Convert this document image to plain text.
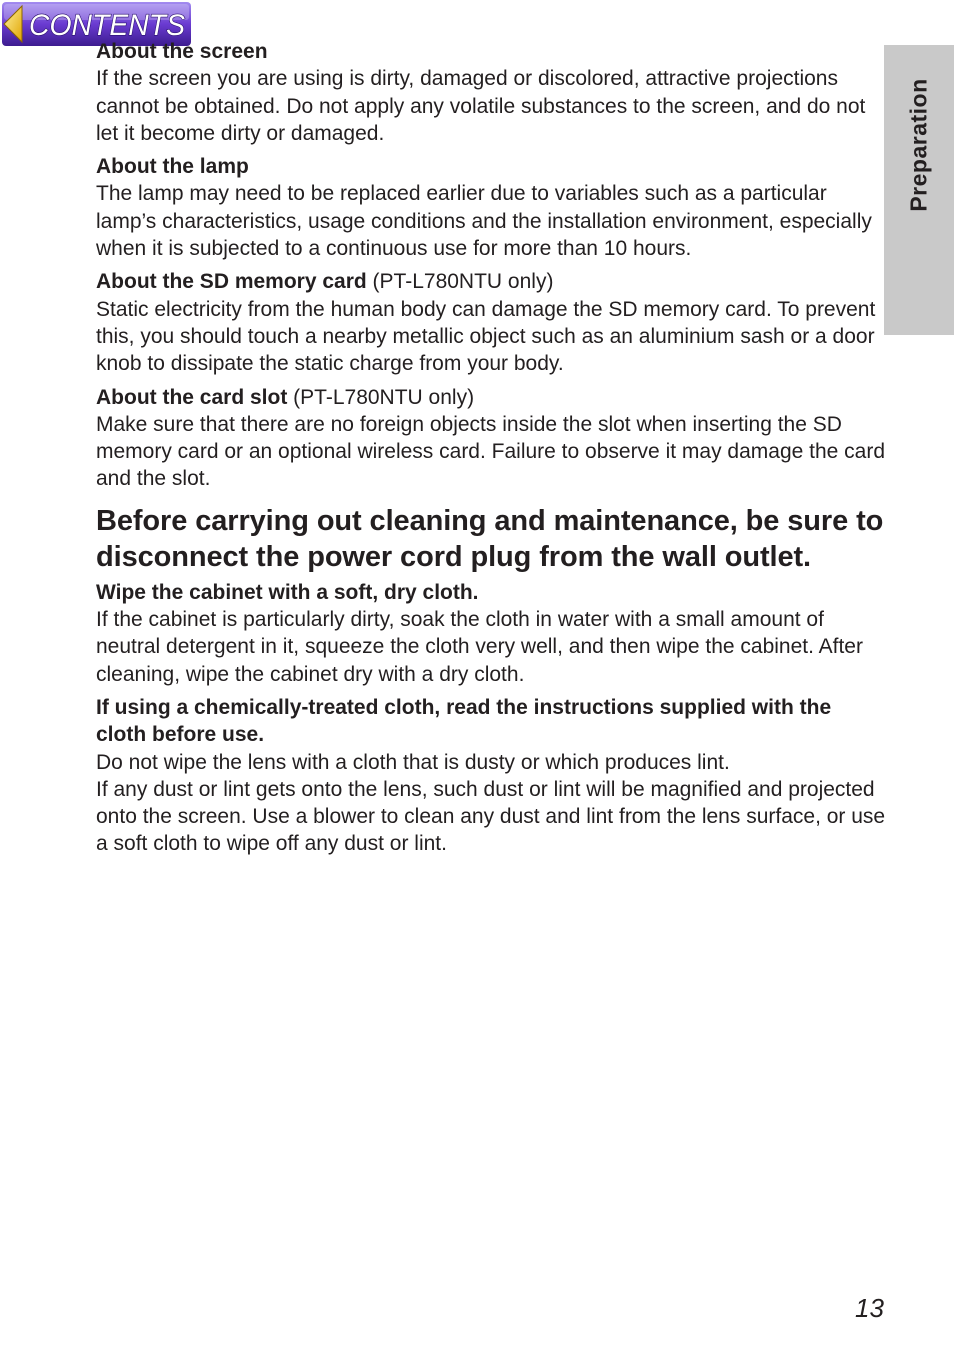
CONTENTS
Preparation
About the screen

If the screen you are using is dirty, damaged or discolored, attractive projections cannot be obtained. Do not apply any volatile substances to the screen, and do not let it become dirty or damaged.

About the lamp

The lamp may need to be replaced earlier due to variables such as a particular lamp’s characteristics, usage conditions and the installation environment, especially when it is subjected to a continuous use for more than 10 hours.

About the SD memory card (PT-L780NTU only)

Static electricity from the human body can damage the SD memory card. To prevent this, you should touch a nearby metallic object such as an aluminium sash or a door knob to dissipate the static charge from your body.

About the card slot (PT-L780NTU only)

Make sure that there are no foreign objects inside the slot when inserting the SD memory card or an optional wireless card. Failure to observe it may damage the card and the slot.

Before carrying out cleaning and maintenance, be sure to disconnect the power cord plug from the wall outlet.
Wipe the cabinet with a soft, dry cloth.

If the cabinet is particularly dirty, soak the cloth in water with a small amount of neutral detergent in it, squeeze the cloth very well, and then wipe the cabinet. After cleaning, wipe the cabinet dry with a dry cloth.

If using a chemically-treated cloth, read the instructions supplied with the cloth before use.

Do not wipe the lens with a cloth that is dusty or which produces lint.

If any dust or lint gets onto the lens, such dust or lint will be magnified and projected onto the screen. Use a blower to clean any dust and lint from the lens surface, or use a soft cloth to wipe off any dust or lint.

13
